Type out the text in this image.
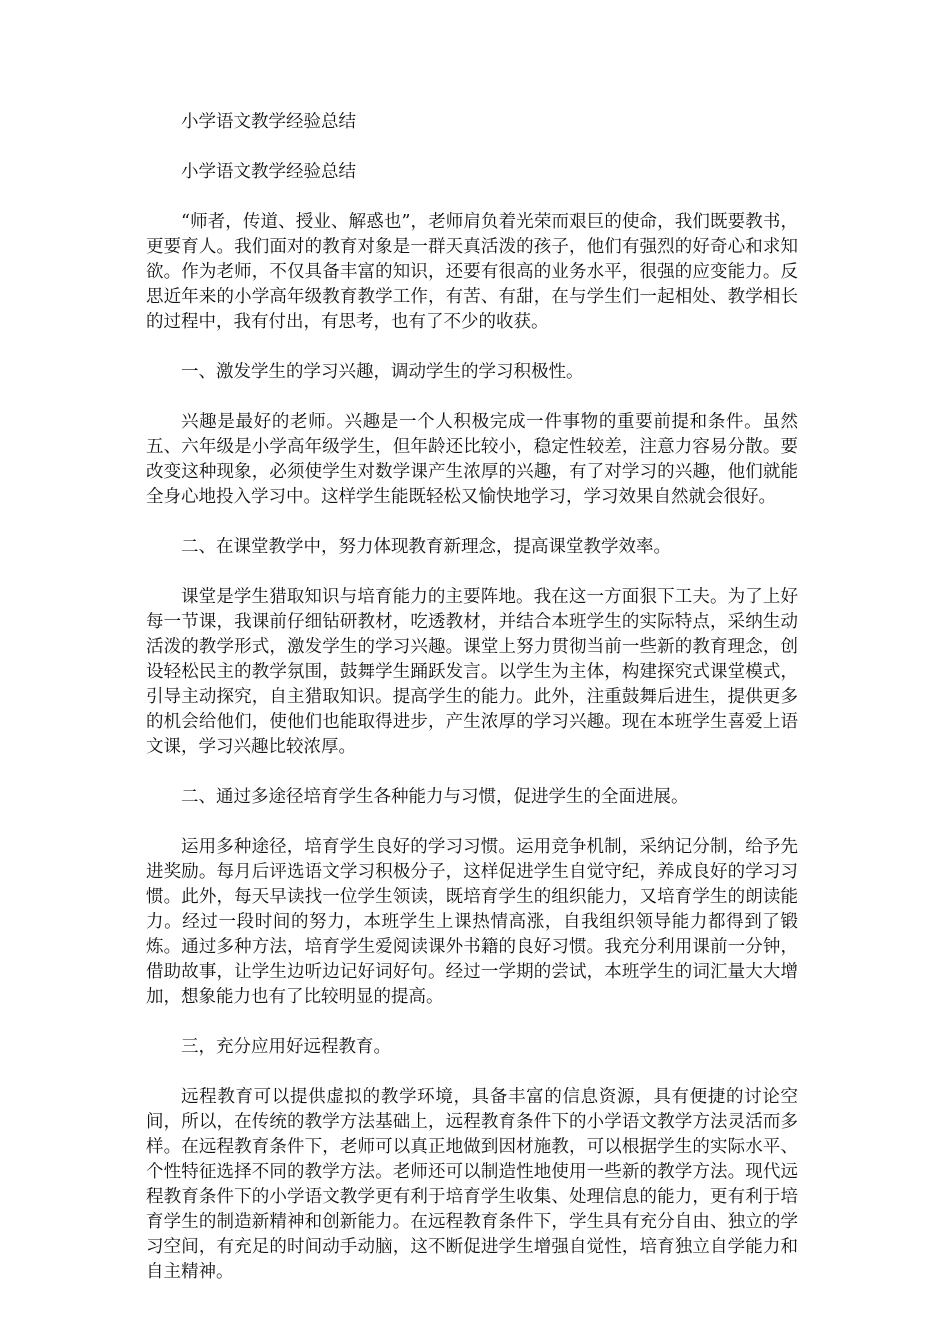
小学语文教学经验总结

小学语文教学经验总结

“师者，传道、授业、解惑也”，老师肩负着光荣而艰巨的使命，我们既要教书，更要育人。我们面对的教育对象是一群天真活泼的孩子，他们有强烈的好奇心和求知欲。作为老师，不仅具备丰富的知识，还要有很高的业务水平，很强的应变能力。反思近年来的小学高年级教育教学工作，有苦、有甜，在与学生们一起相处、教学相长的过程中，我有付出，有思考，也有了不少的收获。

一、激发学生的学习兴趣，调动学生的学习积极性。

兴趣是最好的老师。兴趣是一个人积极完成一件事物的重要前提和条件。虽然五、六年级是小学高年级学生，但年龄还比较小，稳定性较差，注意力容易分散。要改变这种现象，必须使学生对数学课产生浓厚的兴趣，有了对学习的兴趣，他们就能全身心地投入学习中。这样学生能既轻松又愉快地学习，学习效果自然就会很好。

二、在课堂教学中，努力体现教育新理念，提高课堂教学效率。

课堂是学生猎取知识与培育能力的主要阵地。我在这一方面狠下工夫。为了上好每一节课，我课前仔细钻研教材，吃透教材，并结合本班学生的实际特点，采纳生动活泼的教学形式，激发学生的学习兴趣。课堂上努力贯彻当前一些新的教育理念，创设轻松民主的教学氛围，鼓舞学生踊跃发言。以学生为主体，构建探究式课堂模式，引导主动探究，自主猎取知识。提高学生的能力。此外，注重鼓舞后进生，提供更多的机会给他们，使他们也能取得进步，产生浓厚的学习兴趣。现在本班学生喜爱上语文课，学习兴趣比较浓厚。

二、通过多途径培育学生各种能力与习惯，促进学生的全面进展。

运用多种途径，培育学生良好的学习习惯。运用竞争机制，采纳记分制，给予先进奖励。每月后评选语文学习积极分子，这样促进学生自觉守纪，养成良好的学习习惯。此外，每天早读找一位学生领读，既培育学生的组织能力，又培育学生的朗读能力。经过一段时间的努力，本班学生上课热情高涨，自我组织领导能力都得到了锻炼。通过多种方法，培育学生爱阅读课外书籍的良好习惯。我充分利用课前一分钟，借助故事，让学生边听边记好词好句。经过一学期的尝试，本班学生的词汇量大大增加，想象能力也有了比较明显的提高。

三，充分应用好远程教育。

远程教育可以提供虚拟的教学环境，具备丰富的信息资源，具有便捷的讨论空间，所以，在传统的教学方法基础上，远程教育条件下的小学语文教学方法灵活而多样。在远程教育条件下，老师可以真正地做到因材施教，可以根据学生的实际水平、个性特征选择不同的教学方法。老师还可以制造性地使用一些新的教学方法。现代远程教育条件下的小学语文教学更有利于培育学生收集、处理信息的能力，更有利于培育学生的制造新精神和创新能力。在远程教育条件下，学生具有充分自由、独立的学习空间，有充足的时间动手动脑，这不断促进学生增强自觉性，培育独立自学能力和自主精神。
